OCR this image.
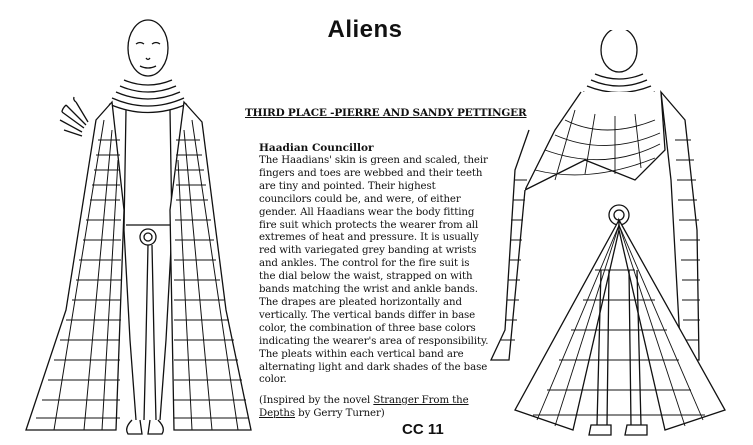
Aliens
THIRD PLACE -PIERRE AND SANDY PETTINGER
Haadian Councillor
The Haadians' skin is green and scaled, their
fingers and toes are webbed and their teeth
are tiny and pointed. Their highest
councilors could be, and were, of either
gender. All Haadians wear the body fitting
fire suit which protects the wearer from all
extremes of heat and pressure. It is usually
red with variegated grey banding at wrists
and ankles. The control for the fire suit is
the dial below the waist, strapped on with
bands matching the wrist and ankle bands.
The drapes are pleated horizontally and
vertically. The vertical bands differ in base
color, the combination of three base colors
indicating the wearer's area of responsibility.
The pleats within each vertical band are
alternating light and dark shades of the base
color.
(Inspired by the novel Stranger From the
Depths by Gerry Turner)
CC 11
